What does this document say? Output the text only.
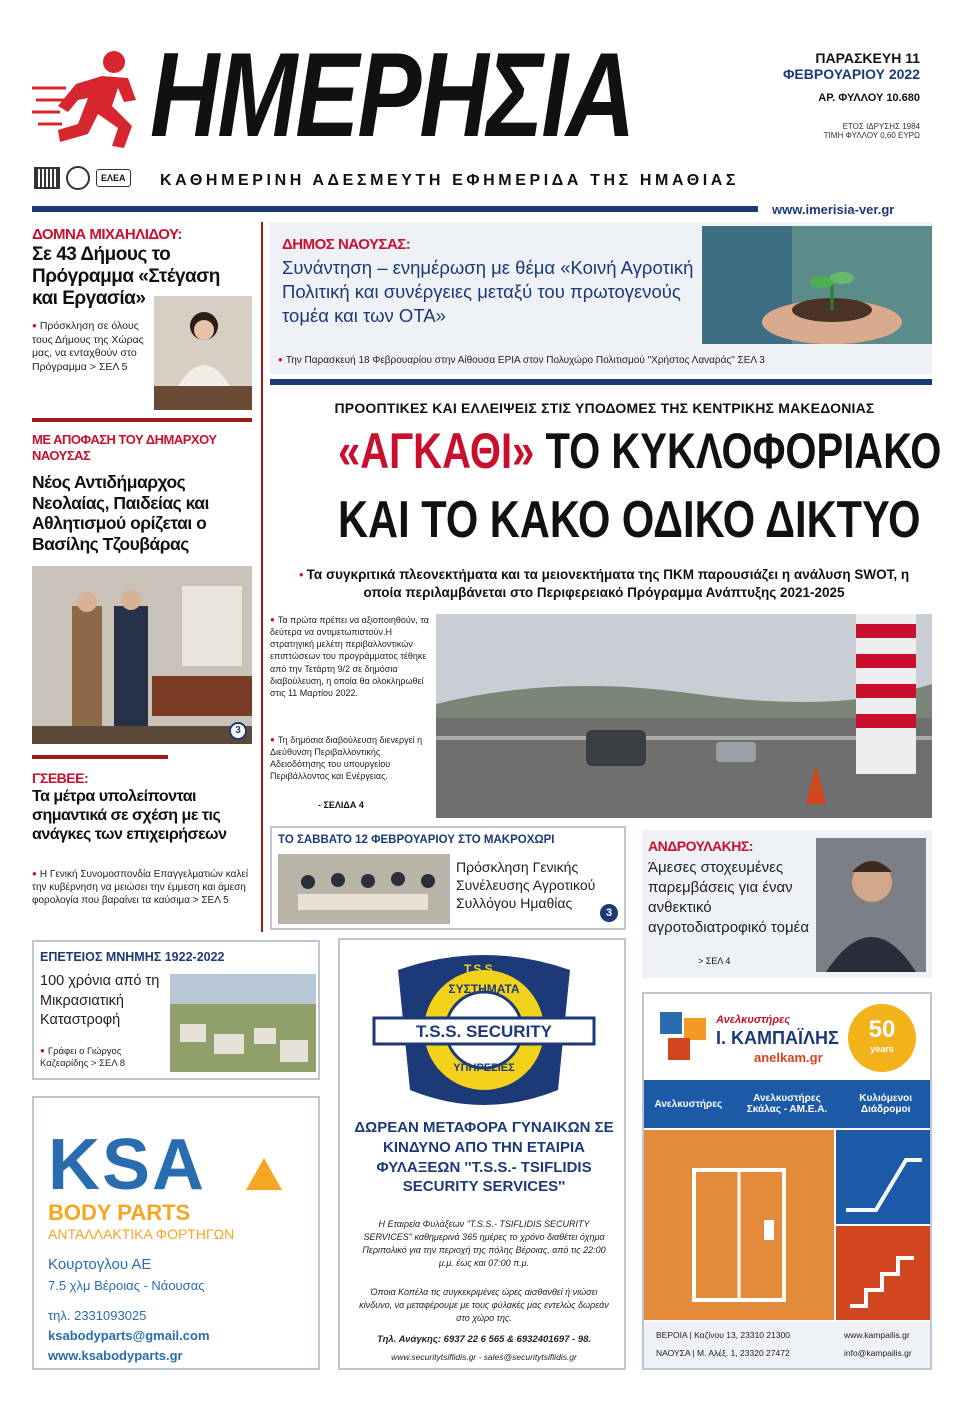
ΗΜΕΡΗΣΙΑ
ΕΛΕΑ	ΚΑΘΗΜΕΡΙΝΗ ΑΔΕΣΜΕΥΤΗ ΕΦΗΜΕΡΙΔΑ ΤΗΣ ΗΜΑΘΙΑΣ
ΠΑΡΑΣΚΕΥΗ 11
ΦΕΒΡΟΥΑΡΙΟΥ 2022
ΑΡ. ΦΥΛΛΟΥ 10.680
ΕΤΟΣ ΙΔΡΥΣΗΣ 1984
ΤΙΜΗ ΦΥΛΛΟΥ 0,60 ΕΥΡΩ
www.imerisia-ver.gr
ΔΟΜΝΑ ΜΙΧΑΗΛΙΔΟΥ:
Σε 43 Δήμους το Πρόγραμμα «Στέγαση και Εργασία»
● Πρόσκληση σε όλους τους Δήμους της Χώρας μας, να ενταχθούν στο Πρόγραμμα > ΣΕΛ 5
ΜΕ ΑΠΟΦΑΣΗ ΤΟΥ ΔΗΜΑΡΧΟΥ ΝΑΟΥΣΑΣ
Νέος Αντιδήμαρχος Νεολαίας, Παιδείας και Αθλητισμού ορίζεται ο Βασίλης Τζουβάρας
3
ΓΣΕΒΕΕ:
Τα μέτρα υπολείπονται σημαντικά σε σχέση με τις ανάγκες των επιχειρήσεων
● Η Γενική Συνομοσπονδία Επαγγελματιών καλεί την κυβέρνηση να μειώσει την έμμεση και άμεση φορολογία που βαραίνει τα καύσιμα > ΣΕΛ 5
ΔΗΜΟΣ ΝΑΟΥΣΑΣ:
Συνάντηση – ενημέρωση με θέμα «Κοινή Αγροτική Πολιτική και συνέργειες μεταξύ του πρωτογενούς τομέα και των ΟΤΑ»
● Την Παρασκευή 18 Φεβρουαρίου στην Αίθουσα ΕΡΙΑ στον Πολυχώρο Πολιτισμού "Χρήστος Λαναράς" ΣΕΛ 3
ΠΡΟΟΠΤΙΚΕΣ ΚΑΙ ΕΛΛΕΙΨΕΙΣ ΣΤΙΣ ΥΠΟΔΟΜΕΣ ΤΗΣ ΚΕΝΤΡΙΚΗΣ ΜΑΚΕΔΟΝΙΑΣ
«ΑΓΚΑΘΙ» ΤΟ ΚΥΚΛΟΦΟΡΙΑΚΟ
ΚΑΙ ΤΟ ΚΑΚΟ ΟΔΙΚΟ ΔΙΚΤΥΟ
● Τα συγκριτικά πλεονεκτήματα και τα μειονεκτήματα της ΠΚΜ παρουσιάζει η ανάλυση SWOT, η οποία περιλαμβάνεται στο Περιφερειακό Πρόγραμμα Ανάπτυξης 2021-2025
● Τα πρώτα πρέπει να αξιοποιηθούν, τα δεύτερα να αντιμετωπιστούν.Η στρατηγική μελέτη περιβαλλοντικών επιπτώσεων του προγράμματος τέθηκε από την Τετάρτη 9/2 σε δημόσια διαβούλευση, η οποία θα ολοκληρωθεί στις 11 Μαρτίου 2022.
● Τη δημόσια διαβούλευση διενεργεί η Διεύθυνση Περιβαλλοντικής Αδειοδότησης του υπουργείου Περιβάλλοντος και Ενέργειας.
- ΣΕΛΙΔΑ 4
ΤΟ ΣΑΒΒΑΤΟ 12 ΦΕΒΡΟΥΑΡΙΟΥ ΣΤΟ ΜΑΚΡΟΧΩΡΙ
Πρόσκληση Γενικής Συνέλευσης Αγροτικού Συλλόγου Ημαθίας
3
ΑΝΔΡΟΥΛΑΚΗΣ:
Άμεσες στοχευμένες παρεμβάσεις για έναν ανθεκτικό αγροτοδιατροφικό τομέα
> ΣΕΛ 4
ΕΠΕΤΕΙΟΣ ΜΝΗΜΗΣ 1922-2022
100 χρόνια από τη Μικρασιατική Καταστροφή
● Γράφει ο Γιώργος Καζεαρίδης > ΣΕΛ 8
KSA
BODY PARTS
ΑΝΤΑΛΛΑΚΤΙΚΑ ΦΟΡΤΗΓΩΝ
Κουρτογλου ΑΕ
7.5 χλμ Βέροιας - Νάουσας
τηλ. 2331093025
ksabodyparts@gmail.com
www.ksabodyparts.gr
T.S.S
ΣΥΣΤΗΜΑΤΑ
T.S.S. SECURITY
ΥΠΗΡΕΣΙΕΣ
ΔΩΡΕΑΝ ΜΕΤΑΦΟΡΑ ΓΥΝΑΙΚΩΝ ΣΕ ΚΙΝΔΥΝΟ ΑΠΟ ΤΗΝ ΕΤΑΙΡΙΑ ΦΥΛΑΞΕΩΝ ''T.S.S.- TSIFLIDIS SECURITY SERVICES''
Η Εταιρεία Φυλάξεων "T.S.S.- TSIFLIDIS SECURITY SERVICES" καθημερινά 365 ημέρες το χρόνο διαθέτει όχημα Περιπολικό για την περιοχή της πόλης Βέροιας, από τις 22:00 μ.μ. έως και 07:00 π.μ.
Όποια Κοπέλα τις συγκεκριμένες ώρες αισθανθεί ή νιώσει κίνδυνο, να μεταφέρουμε με τους φύλακές μας εντελώς δωρεάν στο χώρο της.
Τηλ. Ανάγκης: 6937 22 6 565 & 6932401697 - 98.
www.securitytsiflidis.gr - sales@securitytsiflidis.gr
Ανελκυστήρες
Ι. ΚΑΜΠΑΪΛΗΣ
anelkam.gr
50
years
Ανελκυστήρες	Ανελκυστήρες Σκάλας - ΑΜ.Ε.Α.
Κυλιόμενοι Διάδρομοι
ΒΕΡΟΙΑ | Καζίνου 13, 23310 21300
ΝΑΟΥΣΑ | Μ. Αλέξ. 1, 23320 27472
www.kampailis.gr
info@kampailis.gr
